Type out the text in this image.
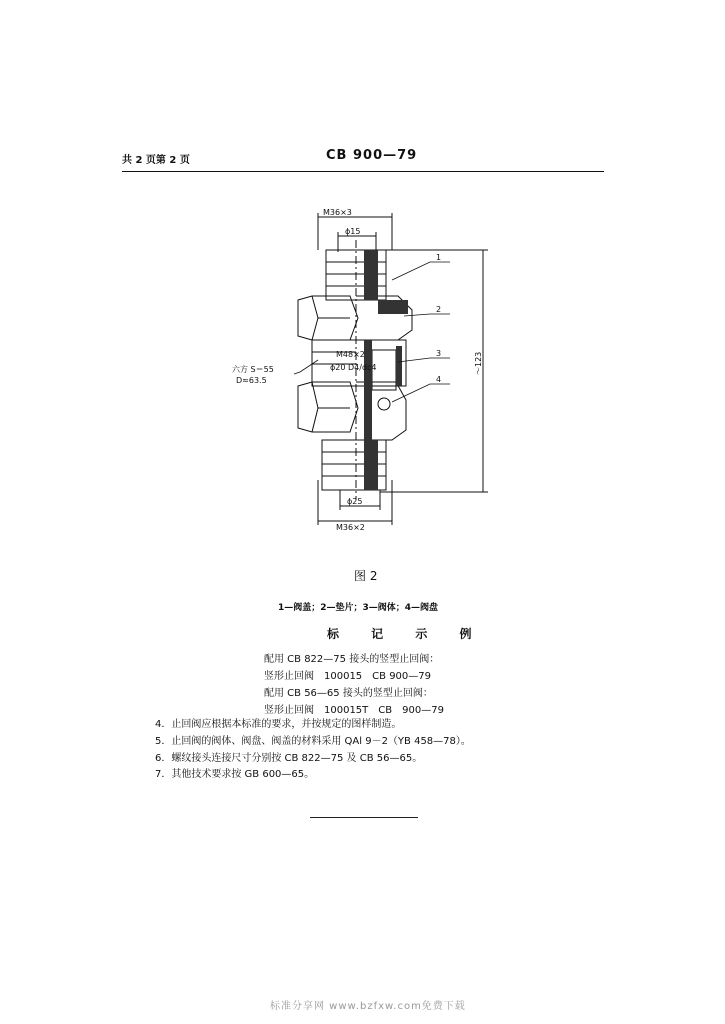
共 2 页第 2 页	CB 900—79
M36×3
ϕ15
六方 S＝55
D≈63.5
M48×2
ϕ20 D4/dc4
ϕ25
M36×2
～123
1
2
3
4
图 2
1—阀盖；2—垫片；3—阀体；4—阀盘
标 记 示 例
配用 CB 822—75 接头的竖型止回阀：
竖形止回阀　100015　CB 900—79
配用 CB 56—65 接头的竖型止回阀：
竖形止回阀　100015T　CB　900—79
4．止回阀应根据本标准的要求，并按规定的图样制造。
5．止回阀的阀体、阀盘、阀盖的材料采用 QAl 9－2（YB 458—78）。
6．螺纹接头连接尺寸分别按 CB 822—75 及 CB 56—65。
7．其他技术要求按 GB 600—65。
标准分享网 www.bzfxw.com免费下载
